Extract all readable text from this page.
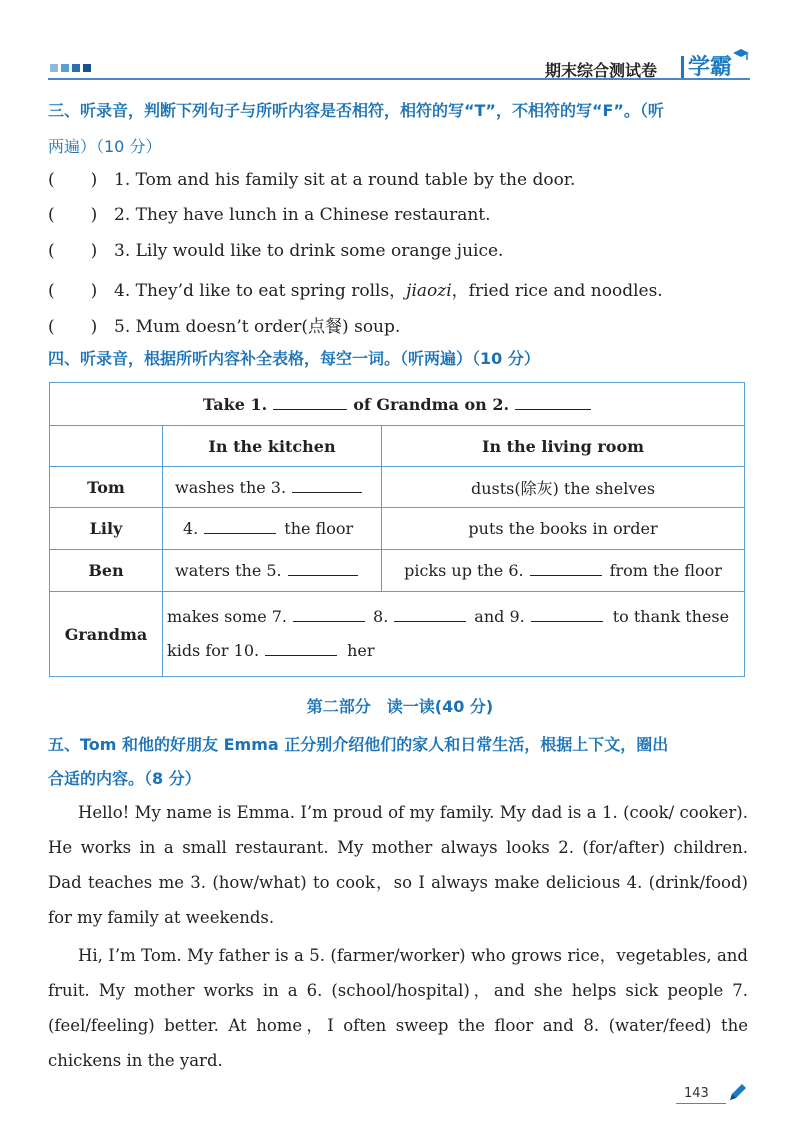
期末综合测试卷 学霸
三、听录音，判断下列句子与所听内容是否相符，相符的写“T”，不相符的写“F”。（听
两遍）（10 分）
( ) 1. Tom and his family sit at a round table by the door.
( ) 2. They have lunch in a Chinese restaurant.
( ) 3. Lily would like to drink some orange juice.
( ) 4. They’d like to eat spring rolls，jiaozi，fried rice and noodles.
( ) 5. Mum doesn’t order(点餐) soup.
四、听录音，根据所听内容补全表格，每空一词。（听两遍）（10 分）
Take 1. of Grandma on 2.		
	In the kitchen	In the living room
Tom	washes the 3.	dusts(除灰) the shelves
Lily	4. the floor	puts the books in order
Ben	waters the 5.	picks up the 6. from the floor
Grandma	makes some 7. 8. and 9. to thank these
kids for 10. her	
第二部分　读一读(40 分)
五、Tom 和他的好朋友 Emma 正分别介绍他们的家人和日常生活，根据上下文，圈出
合适的内容。（8 分）
Hello! My name is Emma. I’m proud of my family. My dad is a 1. (cook/ cooker). He works in a small restaurant. My mother always looks 2. (for/after) children. Dad teaches me 3. (how/what) to cook，so I always make delicious 4. (drink/food) for my family at weekends.
Hi, I’m Tom. My father is a 5. (farmer/worker) who grows rice，vegetables, and fruit. My mother works in a 6. (school/hospital)，and she helps sick people 7. (feel/feeling) better. At home，I often sweep the floor and 8. (water/feed) the chickens in the yard.
143
